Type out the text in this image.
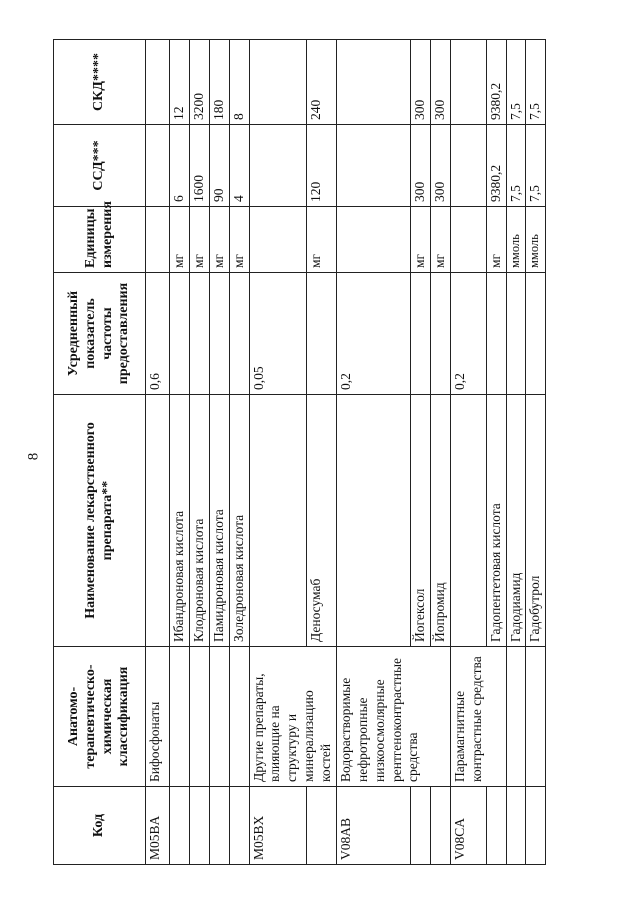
8
Код	Анатомо-терапевтическо-химическая классификация	Наименование лекарственного препарата**	Усредненный показатель частоты предоставления	Единицы измерения	ССД***	СКД****
M05BA	Бифосфонаты		0,6			
		Ибандроновая кислота		мг	6	12
		Клодроновая кислота		мг	1600	3200
		Памидроновая кислота		мг	90	180
		Золедроновая кислота		мг	4	8
M05BX	Другие препараты, влияющие на структуру и минерализацию костей		0,05			
		Деносумаб		мг	120	240
V08AB	Водорастворимые нефротропные низкоосмолярные рентгеноконтрастные средства		0,2			
		Йогексол		мг	300	300
		Йопромид		мг	300	300
V08CA	Парамагнитные контрастные средства		0,2			
		Гадопентетовая кислота		мг	9380,2	9380,2
		Гадодиамид		ммоль	7,5	7,5
		Гадобутрол		ммоль	7,5	7,5
